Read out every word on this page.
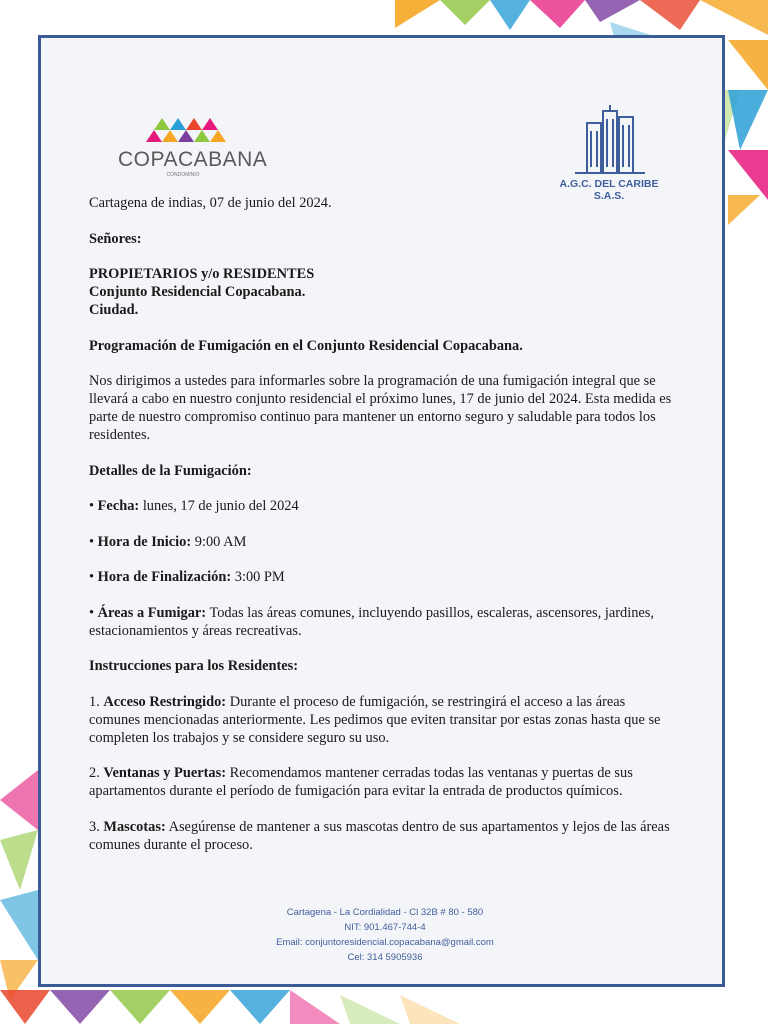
COPACABANA
CONDOMINIO
A.G.C. DEL CARIBE S.A.S.

Cartagena de indias, 07 de junio del 2024.

Señores:

PROPIETARIOS y/o RESIDENTES

Conjunto Residencial Copacabana.

Ciudad.

Programación de Fumigación en el Conjunto Residencial Copacabana.

Nos dirigimos a ustedes para informarles sobre la programación de una fumigación integral que se llevará a cabo en nuestro conjunto residencial el próximo lunes, 17 de junio del 2024. Esta medida es parte de nuestro compromiso continuo para mantener un entorno seguro y saludable para todos los residentes.

Detalles de la Fumigación:

• Fecha: lunes, 17 de junio del 2024

• Hora de Inicio: 9:00 AM

• Hora de Finalización: 3:00 PM

• Áreas a Fumigar: Todas las áreas comunes, incluyendo pasillos, escaleras, ascensores, jardines, estacionamientos y áreas recreativas.

Instrucciones para los Residentes:

1. Acceso Restringido: Durante el proceso de fumigación, se restringirá el acceso a las áreas comunes mencionadas anteriormente. Les pedimos que eviten transitar por estas zonas hasta que se completen los trabajos y se considere seguro su uso.

2. Ventanas y Puertas: Recomendamos mantener cerradas todas las ventanas y puertas de sus apartamentos durante el período de fumigación para evitar la entrada de productos químicos.

3. Mascotas: Asegúrense de mantener a sus mascotas dentro de sus apartamentos y lejos de las áreas comunes durante el proceso.

Cartagena - La Cordialidad - Cl 32B # 80 - 580
NIT: 901.467-744-4
Email: conjuntoresidencial.copacabana@gmail.com
Cel: 314 5905936
